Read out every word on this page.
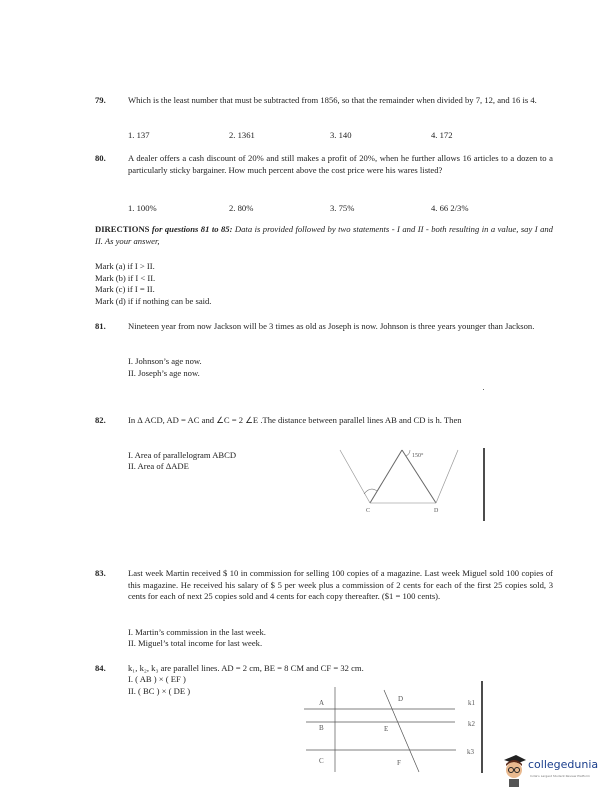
79.	Which is the least number that must be subtracted from 1856, so that the remainder when divided by 7, 12, and 16 is 4.
1. 137	2. 1361	3. 140	4. 172
80.	A dealer offers a cash discount of 20% and still makes a profit of 20%, when he further allows 16 articles to a dozen to a particularly sticky bargainer. How much percent above the cost price were his wares listed?
1. 100%	2. 80%	3. 75%	4. 66 2/3%
DIRECTIONS for questions 81 to 85: Data is provided followed by two statements - I and II - both resulting in a value, say I and II. As your answer,
Mark (a) if I > II.
Mark (b) if I < II.
Mark (c) if I = II.
Mark (d) if if nothing can be said.
81.	Nineteen year from now Jackson will be 3 times as old as Joseph is now. Johnson is three years younger than Jackson.
I. Johnson’s age now.
II. Joseph’s age now.
82.	In Δ ACD, AD = AC and ∠C = 2 ∠E .The distance between parallel lines AB and CD is h. Then
I. Area of parallelogram ABCD
II. Area of ΔADE
150°
C	D
83.	Last week Martin received $ 10 in commission for selling 100 copies of a magazine. Last week Miguel sold 100 copies of this magazine. He received his salary of $ 5 per week plus a commission of 2 cents for each of the first 25 copies sold, 3 cents for each of next 25 copies sold and 4 cents for each copy thereafter. ($1 = 100 cents).
I. Martin’s commission in the last week.
II. Miguel’s total income for last week.
84.	k₁, k₂, k₃ are parallel lines. AD = 2 cm, BE = 8 CM and CF = 32 cm.
I. ( AB ) × ( EF )
II. ( BC ) × ( DE )
A
B
C
D
E
F
k1
k2
k3
collegedunia
India's Largest Student Review Platform
